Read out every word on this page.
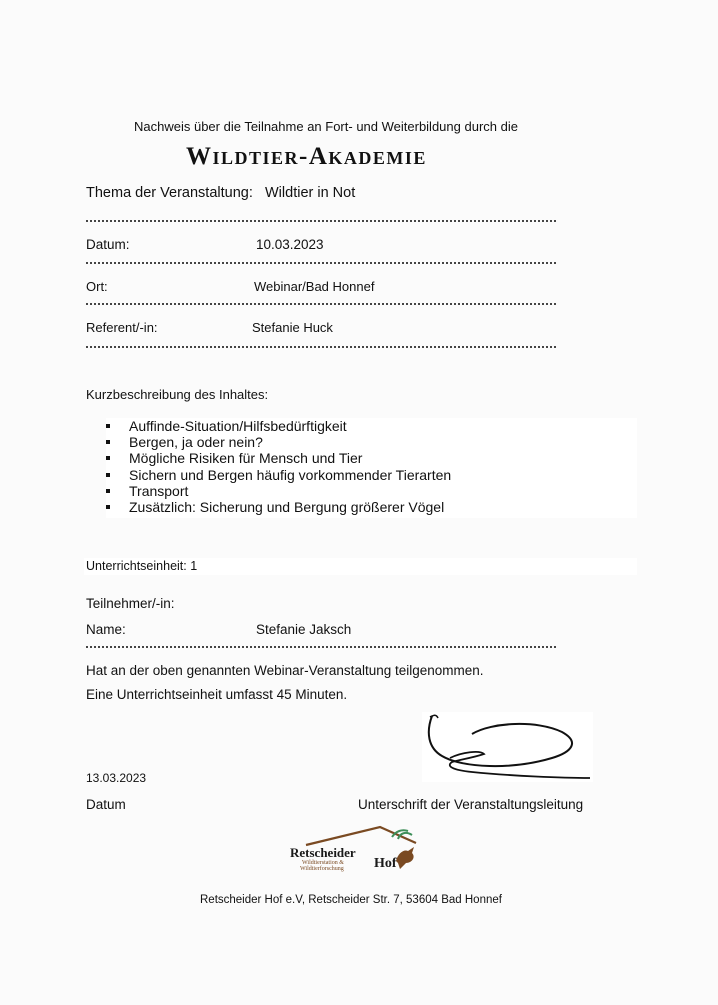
Nachweis über die Teilnahme an Fort- und Weiterbildung durch die
Wildtier-Akademie
Thema der Veranstaltung: Wildtier in Not
Datum:	10.03.2023
Ort:	Webinar/Bad Honnef
Referent/-in:	Stefanie Huck
Kurzbeschreibung des Inhaltes:
Auffinde-Situation/Hilfsbedürftigkeit
Bergen, ja oder nein?
Mögliche Risiken für Mensch und Tier
Sichern und Bergen häufig vorkommender Tierarten
Transport
Zusätzlich: Sicherung und Bergung größerer Vögel
Unterrichtseinheit: 1
Teilnehmer/-in:
Name:	Stefanie Jaksch
Hat an der oben genannten Webinar-Veranstaltung teilgenommen.
Eine Unterrichtseinheit umfasst 45 Minuten.
13.03.2023
Datum	Unterschrift der Veranstaltungsleitung
Retscheider
Hof
Wildtierstation &
Wildtierforschung
Retscheider Hof e.V, Retscheider Str. 7, 53604 Bad Honnef
